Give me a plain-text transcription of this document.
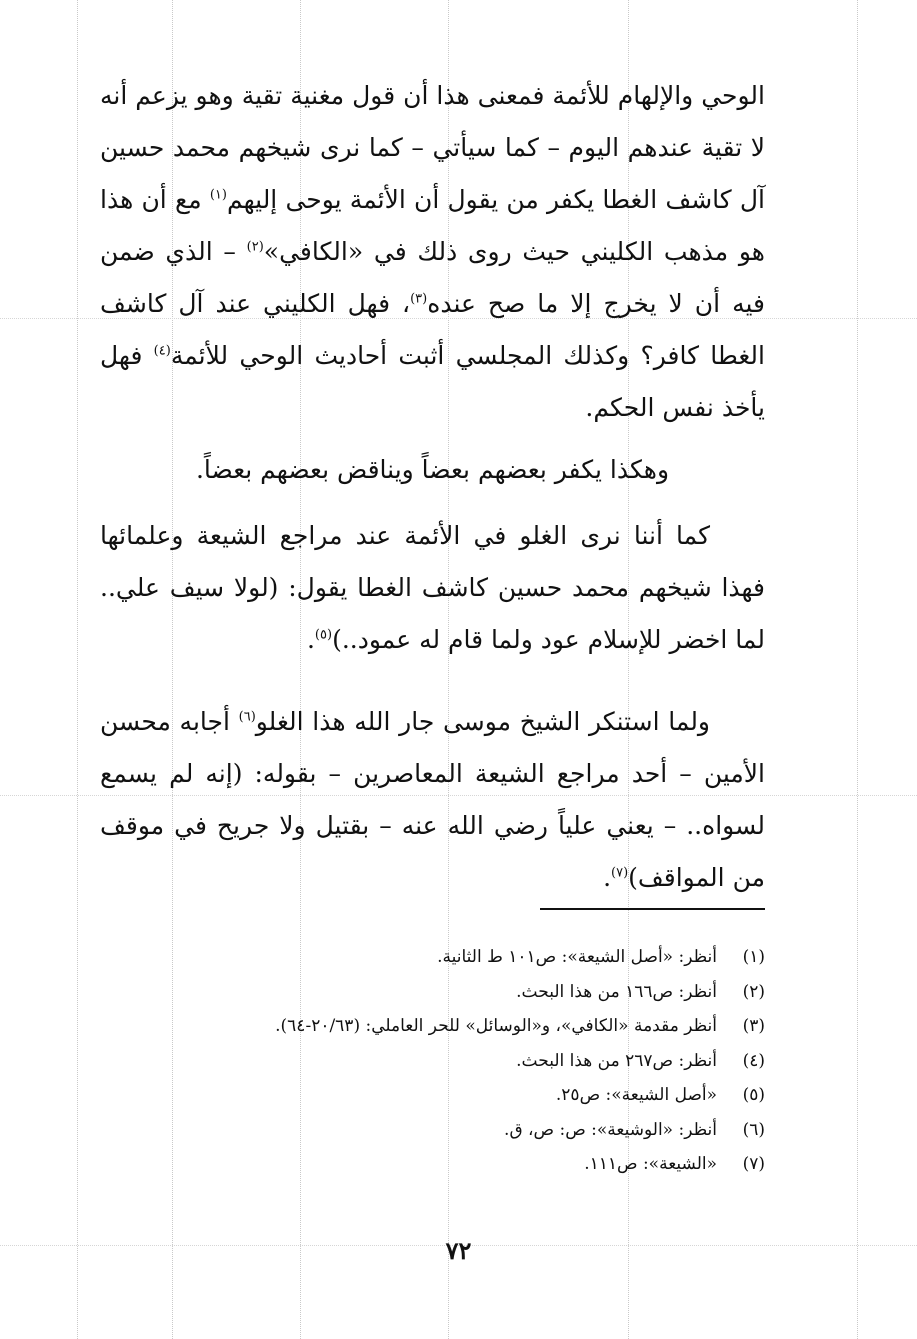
الوحي والإلهام للأئمة فمعنى هذا أن قول مغنية تقية وهو يزعم أنه لا تقية عندهم اليوم – كما سيأتي – كما نرى شيخهم محمد حسين آل كاشف الغطا يكفر من يقول أن الأئمة يوحى إليهم$^{(١)}$ مع أن هذا هو مذهب الكليني حيث روى ذلك في «الكافي»$^{(٢)}$ – الذي ضمن فيه أن لا يخرج إلا ما صح عنده$^{(٣)}$، فهل الكليني عند آل كاشف الغطا كافر؟ وكذلك المجلسي أثبت أحاديث الوحي للأئمة$^{(٤)}$ فهل يأخذ نفس الحكم.

وهكذا يكفر بعضهم بعضاً ويناقض بعضهم بعضاً.

كما أننا نرى الغلو في الأئمة عند مراجع الشيعة وعلمائها فهذا شيخهم محمد حسين كاشف الغطا يقول: (لولا سيف علي.. لما اخضر للإسلام عود ولما قام له عمود..)$^{(٥)}$.

ولما استنكر الشيخ موسى جار الله هذا الغلو$^{(٦)}$ أجابه محسن الأمين – أحد مراجع الشيعة المعاصرين – بقوله: (إنه لم يسمع لسواه.. – يعني علياً رضي الله عنه – بقتيل ولا جريح في موقف من المواقف)$^{(٧)}$.

(١)أنظر: «أصل الشيعة»: ص١٠١ ط الثانية.
(٢)أنظر: ص١٦٦ من هذا البحث.
(٣)أنظر مقدمة «الكافي»، و«الوسائل» للحر العاملي: (٢٠/٦٣-٦٤).
(٤)أنظر: ص٢٦٧ من هذا البحث.
(٥)«أصل الشيعة»: ص٢٥.
(٦)أنظر: «الوشيعة»: ص: ص، ق.
(٧)«الشيعة»: ص١١١.
٧٢
